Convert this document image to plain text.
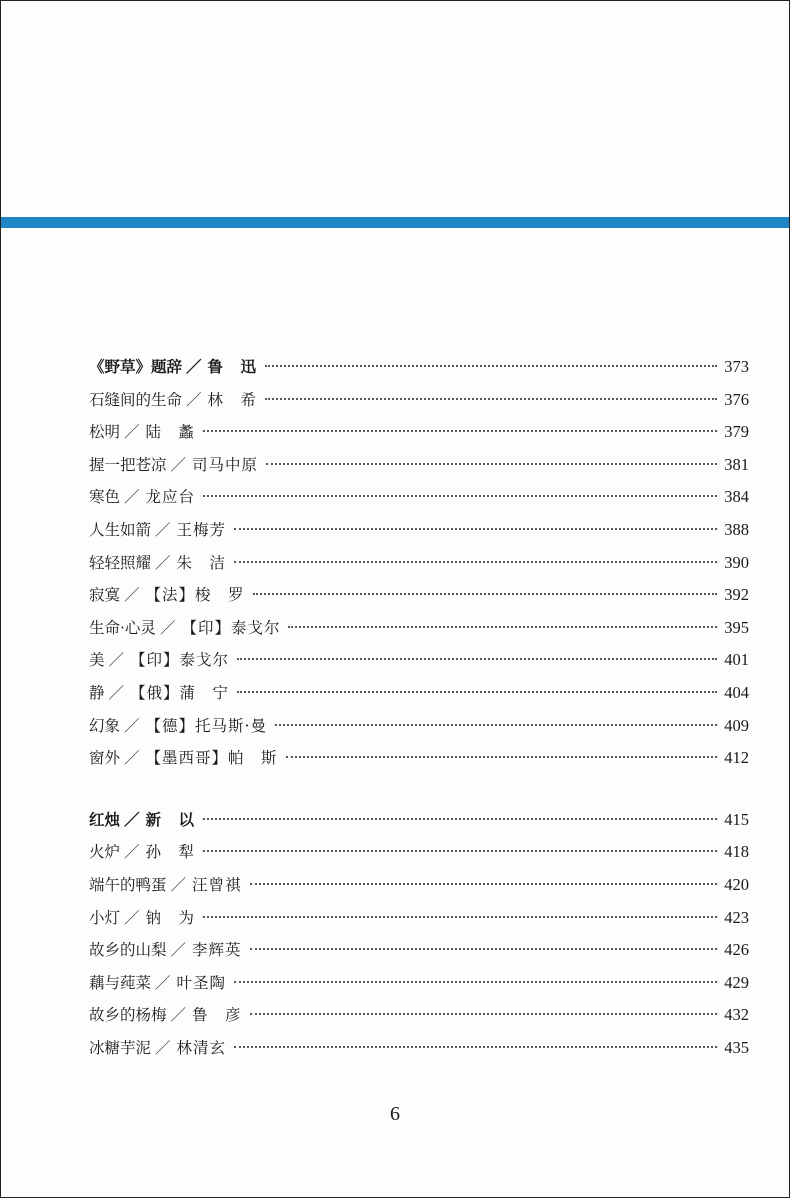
《野草》题辞 ／ 鲁　迅	373
石缝间的生命 ／ 林　希	376
松明 ／ 陆　蠡	379
握一把苍凉 ／ 司马中原	381
寒色 ／ 龙应台	384
人生如箭 ／ 王梅芳	388
轻轻照耀 ／ 朱　洁	390
寂寞 ／ 【法】梭　罗	392
生命·心灵 ／ 【印】泰戈尔	395
美 ／ 【印】泰戈尔	401
静 ／ 【俄】蒲　宁	404
幻象 ／ 【德】托马斯·曼	409
窗外 ／ 【墨西哥】帕　斯	412
红烛 ／ 新　以	415
火炉 ／ 孙　犁	418
端午的鸭蛋 ／ 汪曾祺	420
小灯 ／ 钠　为	423
故乡的山梨 ／ 李辉英	426
藕与莼菜 ／ 叶圣陶	429
故乡的杨梅 ／ 鲁　彦	432
冰糖芋泥 ／ 林清玄	435
6
